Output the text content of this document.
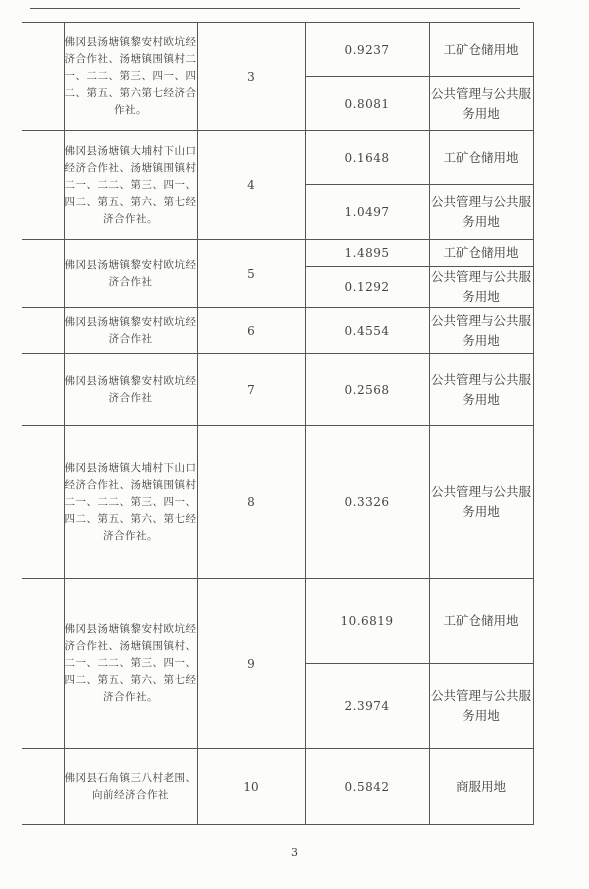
	佛冈县汤塘镇黎安村欧坑经济合作社、汤塘镇围镇村二一、二二、第三、四一、四二、第五、第六第七经济合作社。	3	0.9237	工矿仓储用地
			0.8081	公共管理与公共服务用地
	佛冈县汤塘镇大埔村下山口经济合作社、汤塘镇围镇村二一、二二、第三、四一、四二、第五、第六、第七经济合作社。	4	0.1648	工矿仓储用地
			1.0497	公共管理与公共服务用地
	佛冈县汤塘镇黎安村欧坑经济合作社	5	1.4895	工矿仓储用地
			0.1292	公共管理与公共服务用地
	佛冈县汤塘镇黎安村欧坑经济合作社	6	0.4554	公共管理与公共服务用地
	佛冈县汤塘镇黎安村欧坑经济合作社	7	0.2568	公共管理与公共服务用地
	佛冈县汤塘镇大埔村下山口经济合作社、汤塘镇围镇村二一、二二、第三、四一、四二、第五、第六、第七经济合作社。	8	0.3326	公共管理与公共服务用地
	佛冈县汤塘镇黎安村欧坑经济合作社、汤塘镇围镇村、二一、二二、第三、四一、四二、第五、第六、第七经济合作社。	9	10.6819	工矿仓储用地
			2.3974	公共管理与公共服务用地
	佛冈县石角镇三八村老围、向前经济合作社	10	0.5842	商服用地
3
